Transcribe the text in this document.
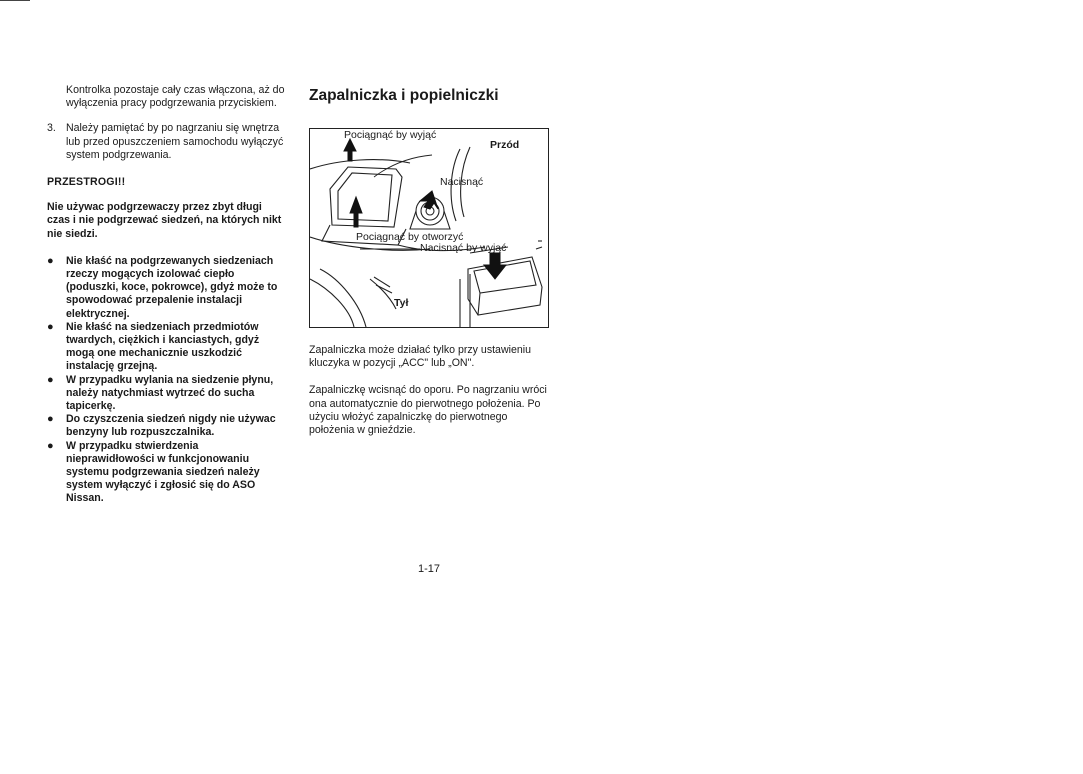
Kontrolka pozostaje cały czas włączona, aż do wyłączenia pracy podgrzewania przyciskiem.

3. Należy pamiętać by po nagrzaniu się wnętrza lub przed opuszczeniem samochodu wyłączyć system podgrzewania.

PRZESTROGI!!

Nie używac podgrzewaczy przez zbyt długi czas i nie podgrzewać siedzeń, na których nikt nie siedzi.

● Nie kłaść na podgrzewanych siedzeniach rzeczy mogących izolować ciepło (poduszki, koce, pokrowce), gdyż może to spowodować przepalenie instalacji elektrycznej.
● Nie kłaść na siedzeniach przedmiotów twardych, ciężkich i kanciastych, gdyż mogą one mechanicznie uszkodzić instalację grzejną.
● W przypadku wylania na siedzenie płynu, należy natychmiast wytrzeć do sucha tapicerkę.
● Do czyszczenia siedzeń nigdy nie używac benzyny lub rozpuszczalnika.
● W przypadku stwierdzenia nieprawidłowości w funkcjonowaniu systemu podgrzewania siedzeń należy system wyłączyć i zgłosić się do ASO Nissan.
Zapalniczka i popielniczki
Pociągnąć by wyjąć
Przód
Nacisnąć
Pociągnąć by otworzyć
Nacisnąć by wyjąć
Tył

Zapalniczka może działać tylko przy ustawieniu kluczyka w pozycji „ACC" lub „ON".

Zapalniczkę wcisnąć do oporu. Po nagrzaniu wróci ona automatycznie do pierwotnego położenia. Po użyciu włożyć zapalniczkę do pierwotnego położenia w gnieździe.

1-17
